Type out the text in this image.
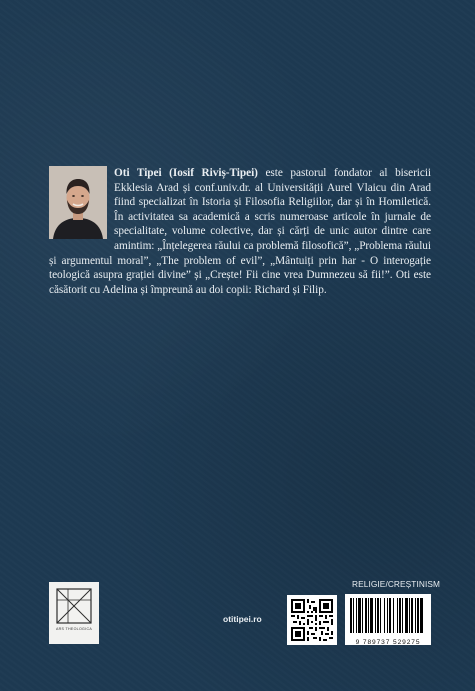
Oti Tipei (Iosif Riviș-Tipei) este pastorul fondator al bisericii Ekklesia Arad și conf.univ.dr. al Universității Aurel Vlaicu din Arad fiind specializat în Istoria și Filosofia Religiilor, dar și în Homiletică. În activitatea sa academică a scris numeroase articole în jurnale de specialitate, volume colective, dar și cărți de unic autor dintre care amintim: „Înțelegerea răului ca problemă filosofică”, „Problema răului și argumentul moral”, „The problem of evil”, „Mântuiți prin har - O interogație teologică asupra grației divine” și „Crește! Fii cine vrea Dumnezeu să fii!”. Oti este căsătorit cu Adelina și împreună au doi copii: Richard și Filip.

ARS THEOLOGICA
otitipei.ro
RELIGIE/CREȘTINISM
9 789737 529275
